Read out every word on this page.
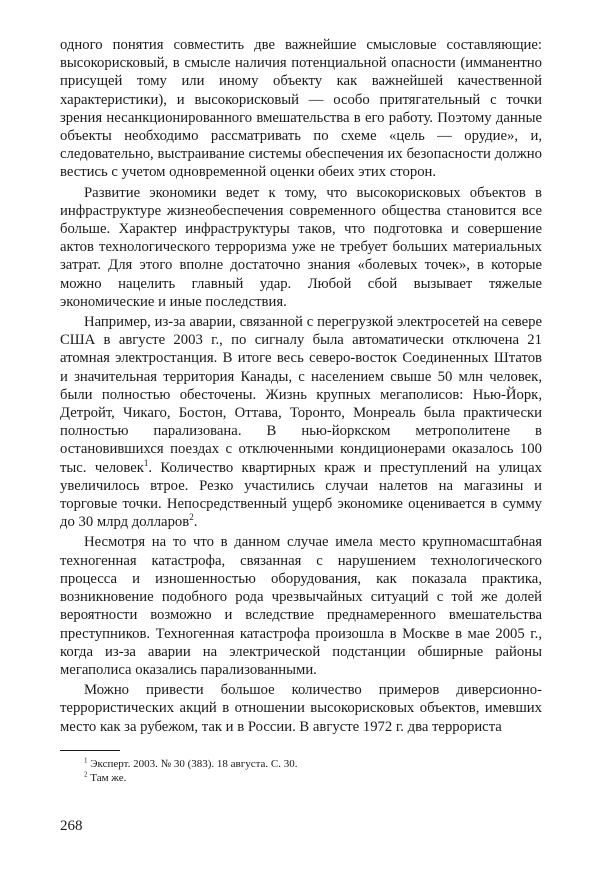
одного понятия совместить две важнейшие смысловые составляющие: высокорисковый, в смысле наличия потенциальной опасности (имманентно присущей тому или иному объекту как важнейшей качественной характеристики), и высокорисковый — особо притягательный с точки зрения несанкционированного вмешательства в его работу. Поэтому данные объекты необходимо рассматривать по схеме «цель — орудие», и, следовательно, выстраивание системы обеспечения их безопасности должно вестись с учетом одновременной оценки обеих этих сторон.

Развитие экономики ведет к тому, что высокорисковых объектов в инфраструктуре жизнеобеспечения современного общества становится все больше. Характер инфраструктуры таков, что подготовка и совершение актов технологического терроризма уже не требует больших материальных затрат. Для этого вполне достаточно знания «болевых точек», в которые можно нацелить главный удар. Любой сбой вызывает тяжелые экономические и иные последствия.

Например, из-за аварии, связанной с перегрузкой электросетей на севере США в августе 2003 г., по сигналу была автоматически отключена 21 атомная электростанция. В итоге весь северо-восток Соединенных Штатов и значительная территория Канады, с населением свыше 50 млн человек, были полностью обесточены. Жизнь крупных мегаполисов: Нью-Йорк, Детройт, Чикаго, Бостон, Оттава, Торонто, Монреаль была практически полностью парализована. В нью-йоркском метрополитене в остановившихся поездах с отключенными кондиционерами оказалось 100 тыс. человек$^1$. Количество квартирных краж и преступлений на улицах увеличилось втрое. Резко участились случаи налетов на магазины и торговые точки. Непосредственный ущерб экономике оценивается в сумму до 30 млрд долларов$^2$.

Несмотря на то что в данном случае имела место крупномасштабная техногенная катастрофа, связанная с нарушением технологического процесса и изношенностью оборудования, как показала практика, возникновение подобного рода чрезвычайных ситуаций с той же долей вероятности возможно и вследствие преднамеренного вмешательства преступников. Техногенная катастрофа произошла в Москве в мае 2005 г., когда из-за аварии на электрической подстанции обширные районы мегаполиса оказались парализованными.

Можно привести большое количество примеров диверсионно-террористических акций в отношении высокорисковых объектов, имевших место как за рубежом, так и в России. В августе 1972 г. два террориста

$^1$ Эксперт. 2003. № 30 (383). 18 августа. С. 30.
$^2$ Там же.
268
